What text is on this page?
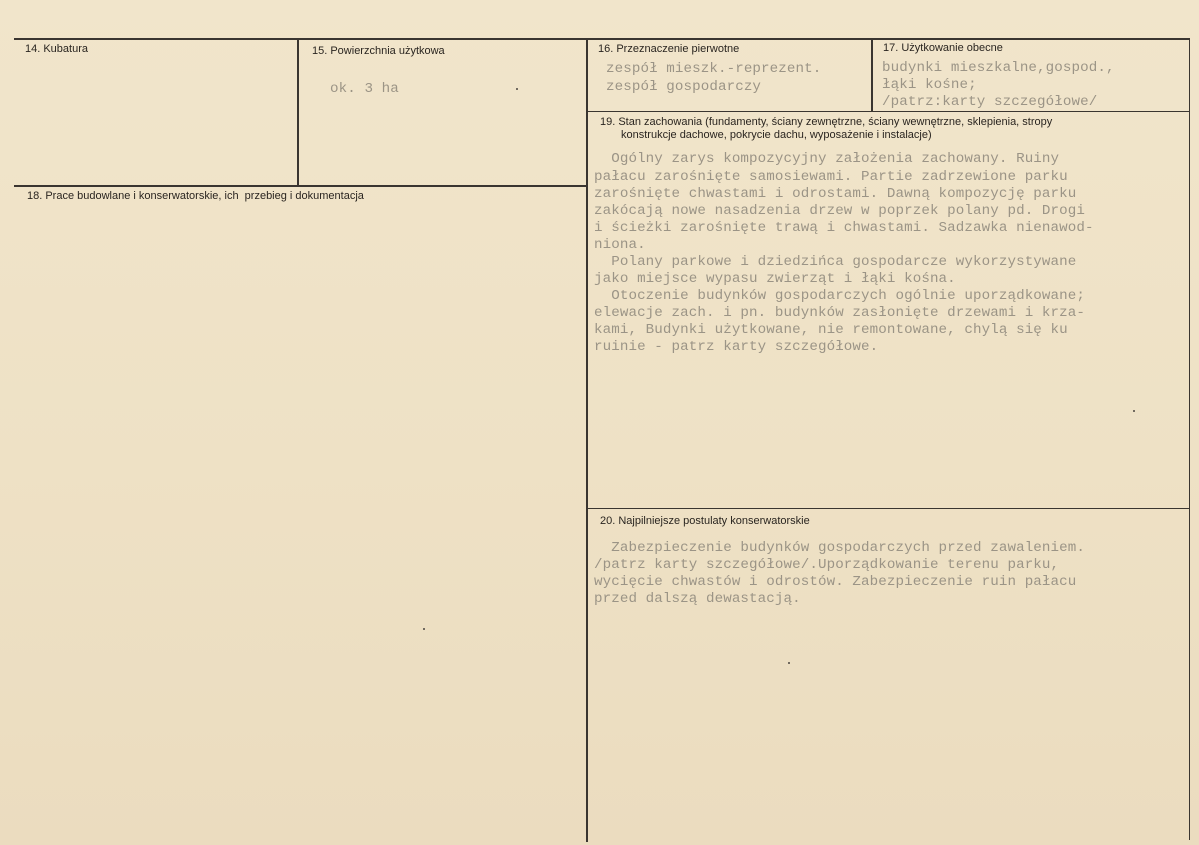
14. Kubatura	15. Powierzchnia użytkowa
ok. 3 ha
16. Przeznaczenie pierwotne
zespół mieszk.-reprezent.
zespół gospodarczy
17. Użytkowanie obecne
budynki mieszkalne,gospod.,
łąki kośne;
/patrz:karty szczegółowe/
18. Prace budowlane i konserwatorskie, ich  przebieg i dokumentacja
19. Stan zachowania (fundamenty, ściany zewnętrzne, ściany wewnętrzne, sklepienia, stropy
konstrukcje dachowe, pokrycie dachu, wyposażenie i instalacje)
Ogólny zarys kompozycyjny założenia zachowany. Ruiny
pałacu zarośnięte samosiewami. Partie zadrzewione parku
zarośnięte chwastami i odrostami. Dawną kompozycję parku
zakócają nowe nasadzenia drzew w poprzek polany pd. Drogi
i ścieżki zarośnięte trawą i chwastami. Sadzawka nienawod-
niona.
Polany parkowe i dziedzińca gospodarcze wykorzystywane
jako miejsce wypasu zwierząt i łąki kośna.
Otoczenie budynków gospodarczych ogólnie uporządkowane;
elewacje zach. i pn. budynków zasłonięte drzewami i krza-
kami, Budynki użytkowane, nie remontowane, chylą się ku
ruinie - patrz karty szczegółowe.
20. Najpilniejsze postulaty konserwatorskie
Zabezpieczenie budynków gospodarczych przed zawaleniem.
/patrz karty szczegółowe/.Uporządkowanie terenu parku,
wycięcie chwastów i odrostów. Zabezpieczenie ruin pałacu
przed dalszą dewastacją.
